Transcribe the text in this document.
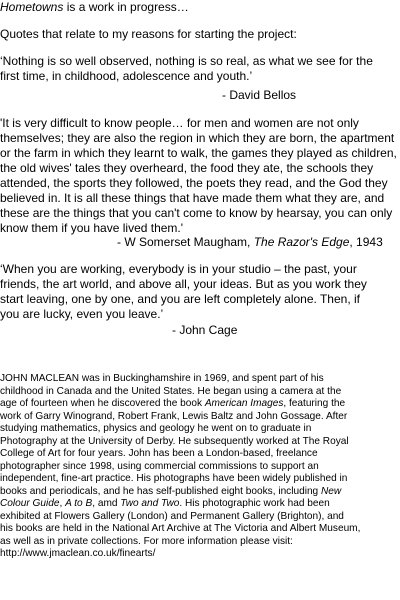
Hometowns is a work in progress…

Quotes that relate to my reasons for starting the project:

‘Nothing is so well observed, nothing is so real, as what we see for the
first time, in childhood, adolescence and youth.’
- David Bellos
'It is very difficult to know people… for men and women are not only
themselves; they are also the region in which they are born, the apartment
or the farm in which they learnt to walk, the games they played as children,
the old wives' tales they overheard, the food they ate, the schools they
attended, the sports they followed, the poets they read, and the God they
believed in. It is all these things that have made them what they are, and
these are the things that you can't come to know by hearsay, you can only
know them if you have lived them.'
- W Somerset Maugham, The Razor's Edge, 1943
‘When you are working, everybody is in your studio – the past, your
friends, the art world, and above all, your ideas. But as you work they
start leaving, one by one, and you are left completely alone. Then, if
you are lucky, even you leave.’
- John Cage
JOHN MACLEAN was in Buckinghamshire in 1969, and spent part of his
childhood in Canada and the United States. He began using a camera at the
age of fourteen when he discovered the book American Images, featuring the
work of Garry Winogrand, Robert Frank, Lewis Baltz and John Gossage. After
studying mathematics, physics and geology he went on to graduate in
Photography at the University of Derby. He subsequently worked at The Royal
College of Art for four years. John has been a London-based, freelance
photographer since 1998, using commercial commissions to support an
independent, fine-art practice. His photographs have been widely published in
books and periodicals, and he has self-published eight books, including New
Colour Guide, A to B, amd Two and Two. His photographic work had been
exhibited at Flowers Gallery (London) and Permanent Gallery (Brighton), and
his books are held in the National Art Archive at The Victoria and Albert Museum,
as well as in private collections. For more information please visit:
http://www.jmaclean.co.uk/finearts/
